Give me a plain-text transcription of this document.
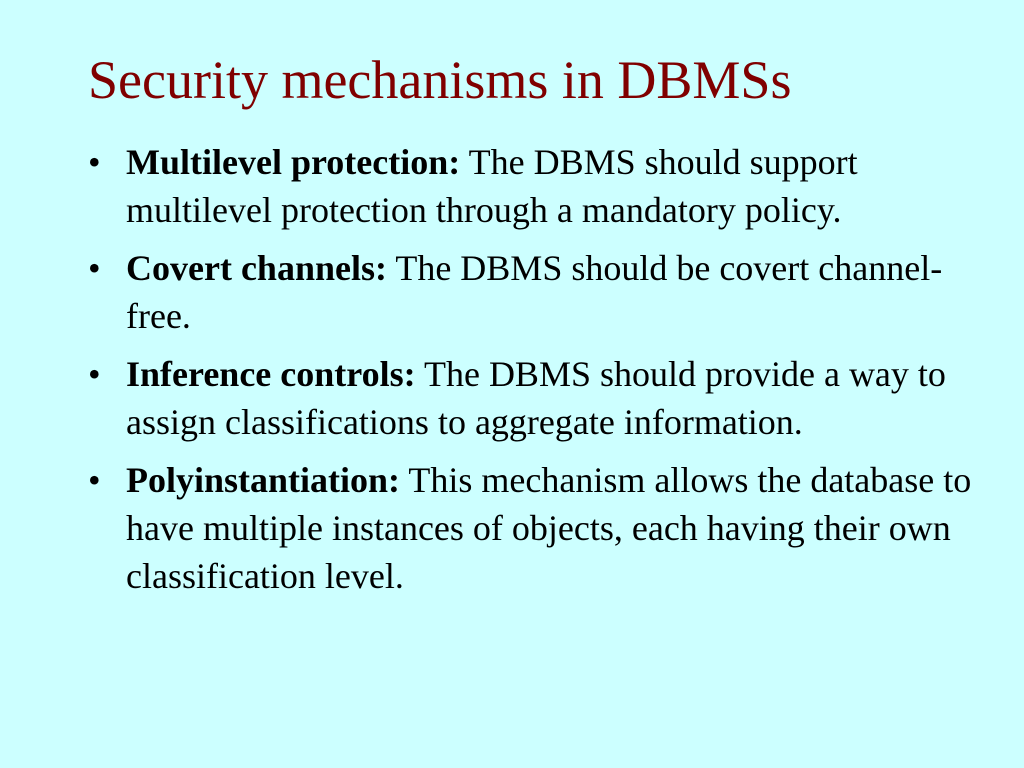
Security mechanisms in DBMSs
• Multilevel protection: The DBMS should support multilevel protection through a mandatory policy.
• Covert channels: The DBMS should be covert channel-free.
• Inference controls: The DBMS should provide a way to assign classifications to aggregate information.
• Polyinstantiation: This mechanism allows the database to have multiple instances of objects, each having their own classification level.
